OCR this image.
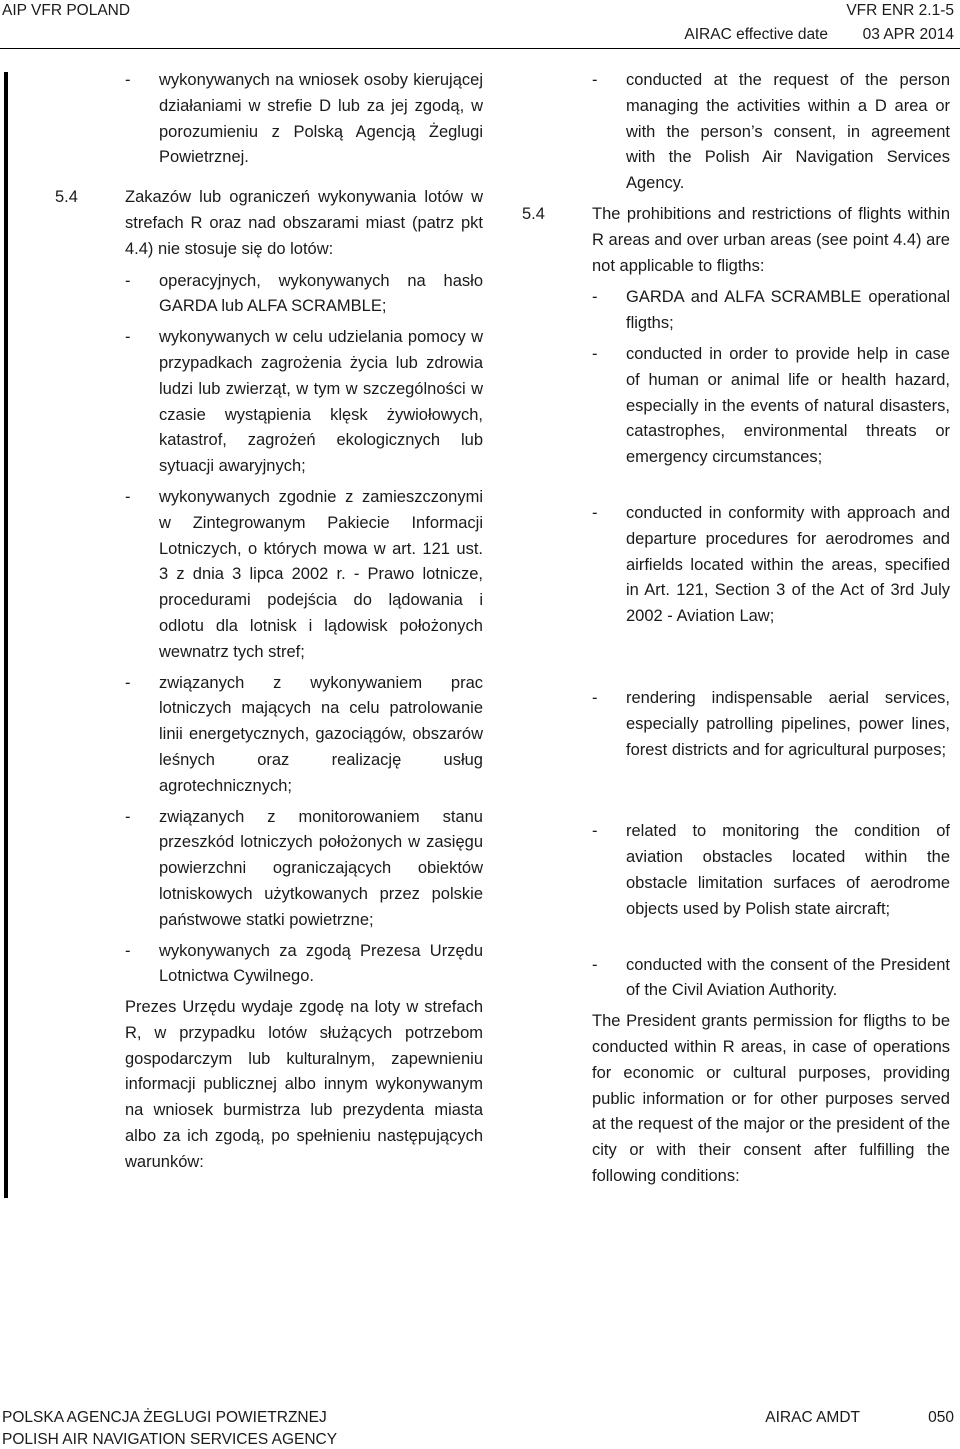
AIP VFR POLAND	VFR ENR 2.1-5
AIRAC effective date 03 APR 2014
-	wykonywanych na wniosek osoby kierującej działaniami w strefie D lub za jej zgodą, w porozumieniu z Polską Agencją Żeglugi Powietrznej.
5.4	Zakazów lub ograniczeń wykonywania lotów w strefach R oraz nad obszarami miast (patrz pkt 4.4) nie stosuje się do lotów:
-	operacyjnych, wykonywanych na hasło GARDA lub ALFA SCRAMBLE;
-	wykonywanych w celu udzielania pomocy w przypadkach zagrożenia życia lub zdrowia ludzi lub zwierząt, w tym w szczególności w czasie wystąpienia klęsk żywiołowych, katastrof, zagrożeń ekologicznych lub sytuacji awaryjnych;
-	wykonywanych zgodnie z zamieszczonymi w Zintegrowanym Pakiecie Informacji Lotniczych, o których mowa w art. 121 ust. 3 z dnia 3 lipca 2002 r. - Prawo lotnicze, procedurami podejścia do lądowania i odlotu dla lotnisk i lądowisk położonych wewnatrz tych stref;
-	związanych z wykonywaniem prac lotniczych mających na celu patrolowanie linii energetycznych, gazociągów, obszarów leśnych oraz realizację usług agrotechnicznych;
-	związanych z monitorowaniem stanu przeszkód lotniczych położonych w zasięgu powierzchni ograniczających obiektów lotniskowych użytkowanych przez polskie państwowe statki powietrzne;
-	wykonywanych za zgodą Prezesa Urzędu Lotnictwa Cywilnego.
Prezes Urzędu wydaje zgodę na loty w strefach R, w przypadku lotów służących potrzebom gospodarczym lub kulturalnym, zapewnieniu informacji publicznej albo innym wykonywanym na wniosek burmistrza lub prezydenta miasta albo za ich zgodą, po spełnieniu następujących warunków:
-	conducted at the request of the person managing the activities within a D area or with the person’s consent, in agreement with the Polish Air Navigation Services Agency.
5.4	The prohibitions and restrictions of flights within R areas and over urban areas (see point 4.4) are not applicable to fligths:
-	GARDA and ALFA SCRAMBLE operational fligths;
-	conducted in order to provide help in case of human or animal life or health hazard, especially in the events of natural disasters, catastrophes, environmental threats or emergency circumstances;
-	conducted in conformity with approach and departure procedures for aerodromes and airfields located within the areas, specified in Art. 121, Section 3 of the Act of 3rd July 2002 - Aviation Law;
-	rendering indispensable aerial services, especially patrolling pipelines, power lines, forest districts and for agricultural purposes;
-	related to monitoring the condition of aviation obstacles located within the obstacle limitation surfaces of aerodrome objects used by Polish state aircraft;
-	conducted with the consent of the President of the Civil Aviation Authority.
The President grants permission for fligths to be conducted within R areas, in case of operations for economic or cultural purposes, providing public information or for other purposes served at the request of the major or the president of the city or with their consent after fulfilling the following conditions:
POLSKA AGENCJA ŻEGLUGI POWIETRZNEJ
POLISH AIR NAVIGATION SERVICES AGENCY
AIRAC AMDT	050
